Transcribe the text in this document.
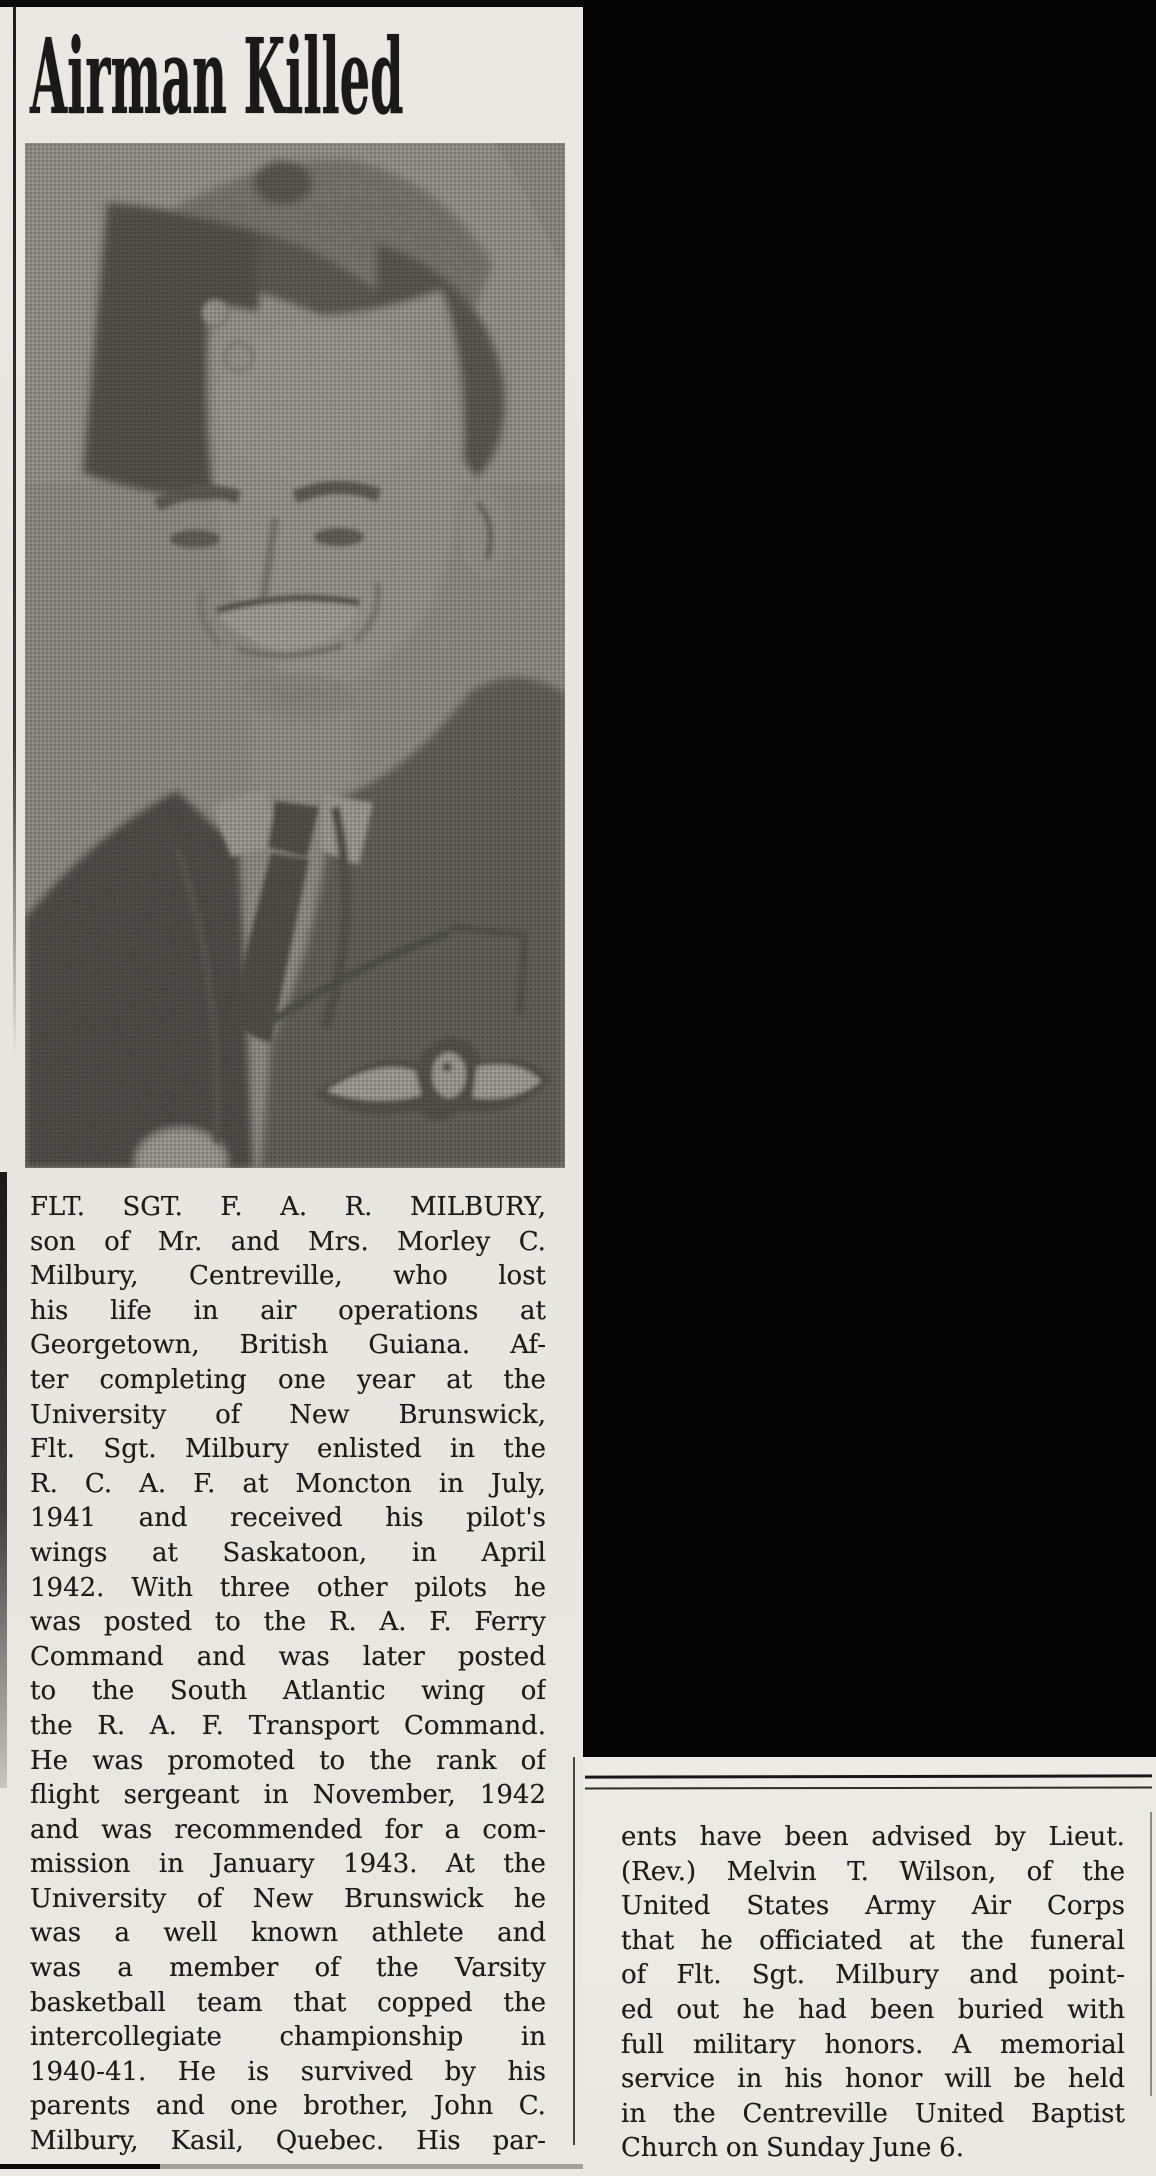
Airman Killed
FLT. SGT. F. A. R. MILBURY,
son of Mr. and Mrs. Morley C.
Milbury, Centreville, who lost
his life in air operations at
Georgetown, British Guiana. Af-
ter completing one year at the
University of New Brunswick,
Flt. Sgt. Milbury enlisted in the
R. C. A. F. at Moncton in July,
1941 and received his pilot's
wings at Saskatoon, in April
1942. With three other pilots he
was posted to the R. A. F. Ferry
Command and was later posted
to the South Atlantic wing of
the R. A. F. Transport Command.
He was promoted to the rank of
flight sergeant in November, 1942
and was recommended for a com-
mission in January 1943. At the
University of New Brunswick he
was a well known athlete and
was a member of the Varsity
basketball team that copped the
intercollegiate championship in
1940-41. He is survived by his
parents and one brother, John C.
Milbury, Kasil, Quebec. His par-
ents have been advised by Lieut.
(Rev.) Melvin T. Wilson, of the
United States Army Air Corps
that he officiated at the funeral
of Flt. Sgt. Milbury and point-
ed out he had been buried with
full military honors. A memorial
service in his honor will be held
in the Centreville United Baptist
Church on Sunday June 6.
